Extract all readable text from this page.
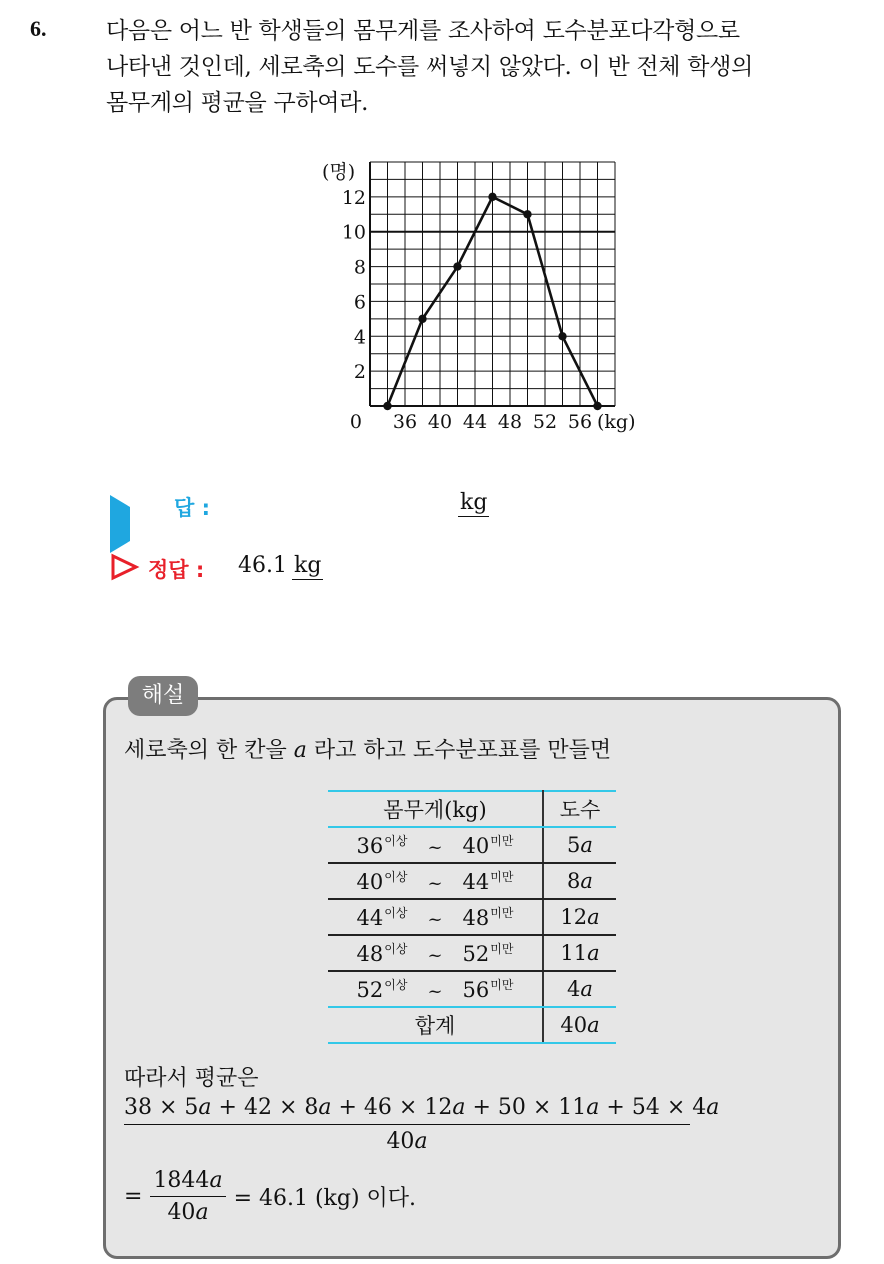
6.	다음은 어느 반 학생들의 몸무게를 조사하여 도수분포다각형으로
나타낸 것인데, 세로축의 도수를 써넣지 않았다. 이 반 전체 학생의
몸무게의 평균을 구하여라.
2
4
6
8
10
12
36 40 44 48 52 56
0
(명)
(kg)
답 :	kg
정답 : 46.1 kg
해설
세로축의 한 칸을 a 라고 하고 도수분포표를 만들면
몸무게(kg)	도수
$36^{이상}$ ~ $40^{미만}$	5a
$40^{이상}$ ~ $44^{미만}$	8a
$44^{이상}$ ~ $48^{미만}$	12a
$48^{이상}$ ~ $52^{미만}$	11a
$52^{이상}$ ~ $56^{미만}$	4a
합계	40a
따라서 평균은
$\frac{38 \times 5a + 42 \times 8a + 46 \times 12a + 50 \times 11a + 54 \times 4a}{40a}$
= $\frac{1844a}{40a} = 46.1$ (kg) 이다.
